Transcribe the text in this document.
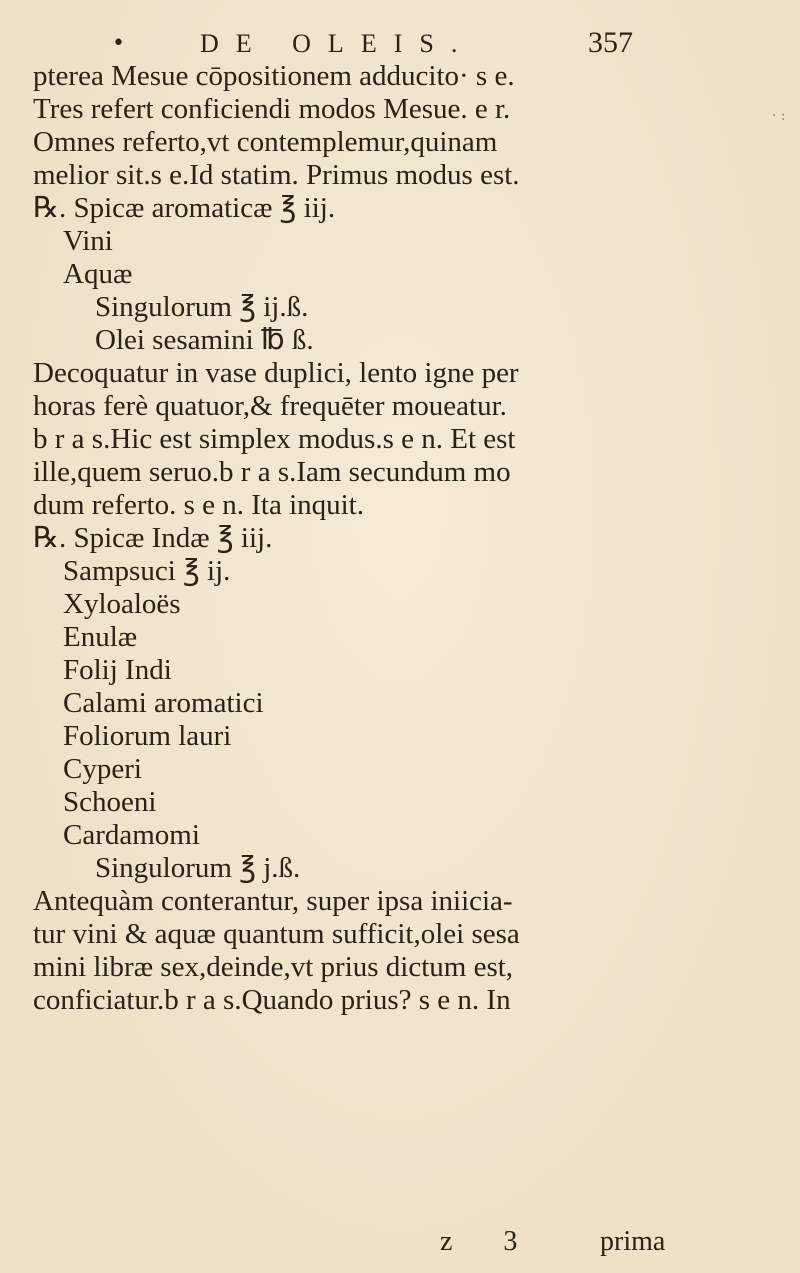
•	DE OLEIS.	357
· :
pterea Mesue cōpositionem adducito· s e.
Tres refert conficiendi modos Mesue. e r.
Omnes referto,vt contemplemur,quinam
melior sit.s e.Id statim. Primus modus est.
℞. Spicæ aromaticæ ℥ iij.
Vini
Aquæ
Singulorum ℥ ij.ß.
Olei sesamini ℔ ß.
Decoquatur in vase duplici, lento igne per
horas ferè quatuor,& frequēter moueatur.
b r a s.Hic est simplex modus.s e n. Et est
ille,quem seruo.b r a s.Iam secundum mo
dum referto. s e n. Ita inquit.
℞. Spicæ Indæ ℥ iij.
Sampsuci ℥ ij.
Xyloaloës
Enulæ
Folij Indi
Calami aromatici
Foliorum lauri
Cyperi
Schoeni
Cardamomi
Singulorum ℥ j.ß.
Antequàm conterantur, super ipsa iniicia-
tur vini & aquæ quantum sufficit,olei sesa
mini libræ sex,deinde,vt prius dictum est,
conficiatur.b r a s.Quando prius? s e n. In
z 3 prima
